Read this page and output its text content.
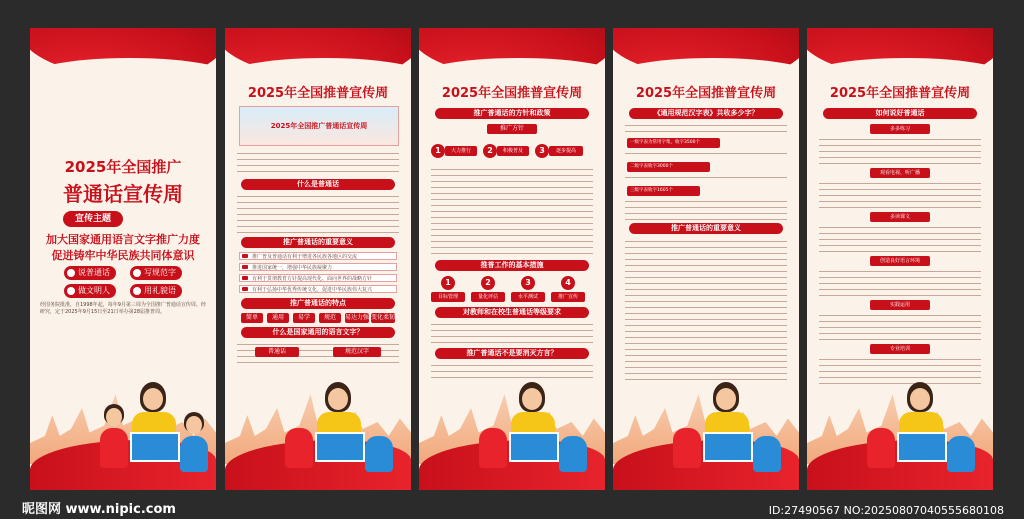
2025年全国推广
普通话宣传周
宣传主题
加大国家通用语言文字推广力度
促进铸牢中华民族共同体意识
说普通话	写规范字
做文明人	用礼貌语
经国务院批准，自1998年起，每年9月第三周为全国推广普通话宣传周。经研究，定于2025年9月15日至21日举办第28届推普周。
2025年全国推普宣传周
2025年全国推广普通话宣传周
什么是普通话
推广普通话的重要意义
推广普及普通话有利于增进各民族各地区的交流
推进国家统一，增强中华民族凝聚力
有利于贯彻教育方针提高现代化、面向世界的战略方针
有利于弘扬中华优秀传统文化，促进中华民族伟大复兴
推广普通话的特点
简单	通用	易学	规范	易达力强 变化柔韧
什么是国家通用的语言文字？
普通话	规范汉字
2025年全国推普宣传周
推广普通话的方针和政策
推广方针
1	大力推行	2	积极普及	3	逐步提高
推普工作的基本措施
1	2	3	4
目标管理	量化评估	水平测试	推广宣传
对教师和在校生普通话等级要求
推广普通话不是要消灭方言？
2025年全国推普宣传周
《通用规范汉字表》共收多少字？
一级字表为常用字集，收字3500个
二级字表收字3000个
三级字表收字1605个
推广普通话的重要意义
2025年全国推普宣传周
如何说好普通话
多多练习
观看电视、听广播
多读课文
创造良好语言环境
实践运用
专业培训
昵图网 www.nipic.com	ID:27490567 NO:20250807040555680108
